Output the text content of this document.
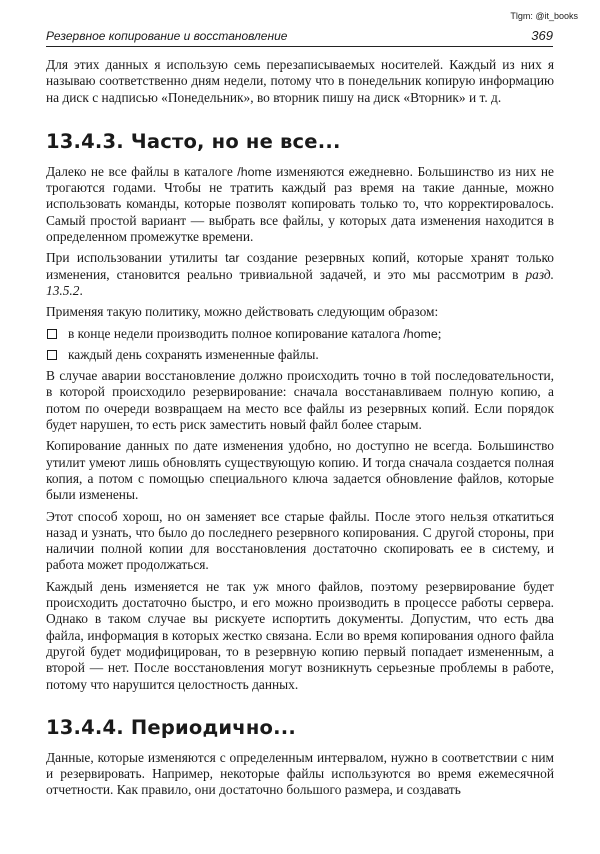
Tlgm: @it_books
Резервное копирование и восстановление	369

Для этих данных я использую семь перезаписываемых носителей. Каждый из них я называю соответственно дням недели, потому что в понедельник копирую информацию на диск с надписью «Понедельник», во вторник пишу на диск «Вторник» и т. д.

13.4.3. Часто, но не все...

Далеко не все файлы в каталоге /home изменяются ежедневно. Большинство из них не трогаются годами. Чтобы не тратить каждый раз время на такие данные, можно использовать команды, которые позволят копировать только то, что корректировалось. Самый простой вариант — выбрать все файлы, у которых дата изменения находится в определенном промежутке времени.

При использовании утилиты tar создание резервных копий, которые хранят только изменения, становится реально тривиальной задачей, и это мы рассмотрим в разд. 13.5.2.

Применяя такую политику, можно действовать следующим образом:

в конце недели производить полное копирование каталога /home;
каждый день сохранять измененные файлы.

В случае аварии восстановление должно происходить точно в той последовательности, в которой происходило резервирование: сначала восстанавливаем полную копию, а потом по очереди возвращаем на место все файлы из резервных копий. Если порядок будет нарушен, то есть риск заместить новый файл более старым.

Копирование данных по дате изменения удобно, но доступно не всегда. Большинство утилит умеют лишь обновлять существующую копию. И тогда сначала создается полная копия, а потом с помощью специального ключа задается обновление файлов, которые были изменены.

Этот способ хорош, но он заменяет все старые файлы. После этого нельзя откатиться назад и узнать, что было до последнего резервного копирования. С другой стороны, при наличии полной копии для восстановления достаточно скопировать ее в систему, и работа может продолжаться.

Каждый день изменяется не так уж много файлов, поэтому резервирование будет происходить достаточно быстро, и его можно производить в процессе работы сервера. Однако в таком случае вы рискуете испортить документы. Допустим, что есть два файла, информация в которых жестко связана. Если во время копирования одного файла другой будет модифицирован, то в резервную копию первый попадает измененным, а второй — нет. После восстановления могут возникнуть серьезные проблемы в работе, потому что нарушится целостность данных.

13.4.4. Периодично...

Данные, которые изменяются с определенным интервалом, нужно в соответствии с ним и резервировать. Например, некоторые файлы используются во время ежемесячной отчетности. Как правило, они достаточно большого размера, и создавать
